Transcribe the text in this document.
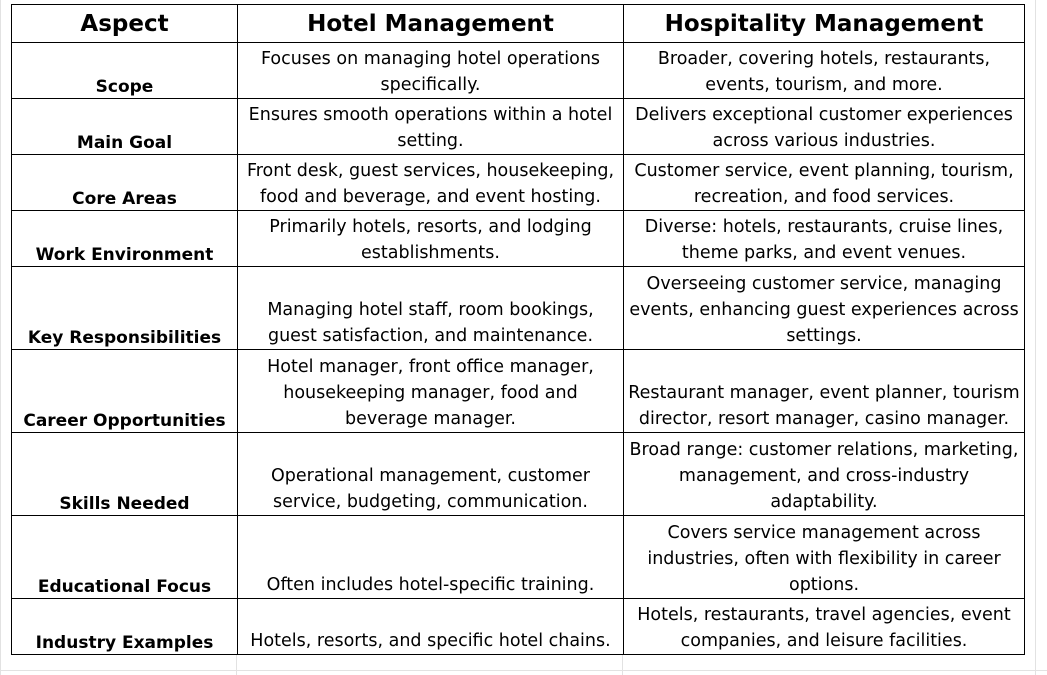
Aspect	Hotel Management	Hospitality Management
Scope	Focuses on managing hotel operations specifically.	Broader, covering hotels, restaurants, events, tourism, and more.
Main Goal	Ensures smooth operations within a hotel setting.	Delivers exceptional customer experiences across various industries.
Core Areas	Front desk, guest services, housekeeping, food and beverage, and event hosting.	Customer service, event planning, tourism, recreation, and food services.
Work Environment	Primarily hotels, resorts, and lodging establishments.	Diverse: hotels, restaurants, cruise lines, theme parks, and event venues.
Key Responsibilities	Managing hotel staff, room bookings, guest satisfaction, and maintenance.	Overseeing customer service, managing events, enhancing guest experiences across settings.
Career Opportunities	Hotel manager, front office manager, housekeeping manager, food and beverage manager.	Restaurant manager, event planner, tourism director, resort manager, casino manager.
Skills Needed	Operational management, customer service, budgeting, communication.	Broad range: customer relations, marketing, management, and cross-industry adaptability.
Educational Focus	Often includes hotel-specific training.	Covers service management across industries, often with flexibility in career options.
Industry Examples	Hotels, resorts, and specific hotel chains.	Hotels, restaurants, travel agencies, event companies, and leisure facilities.
